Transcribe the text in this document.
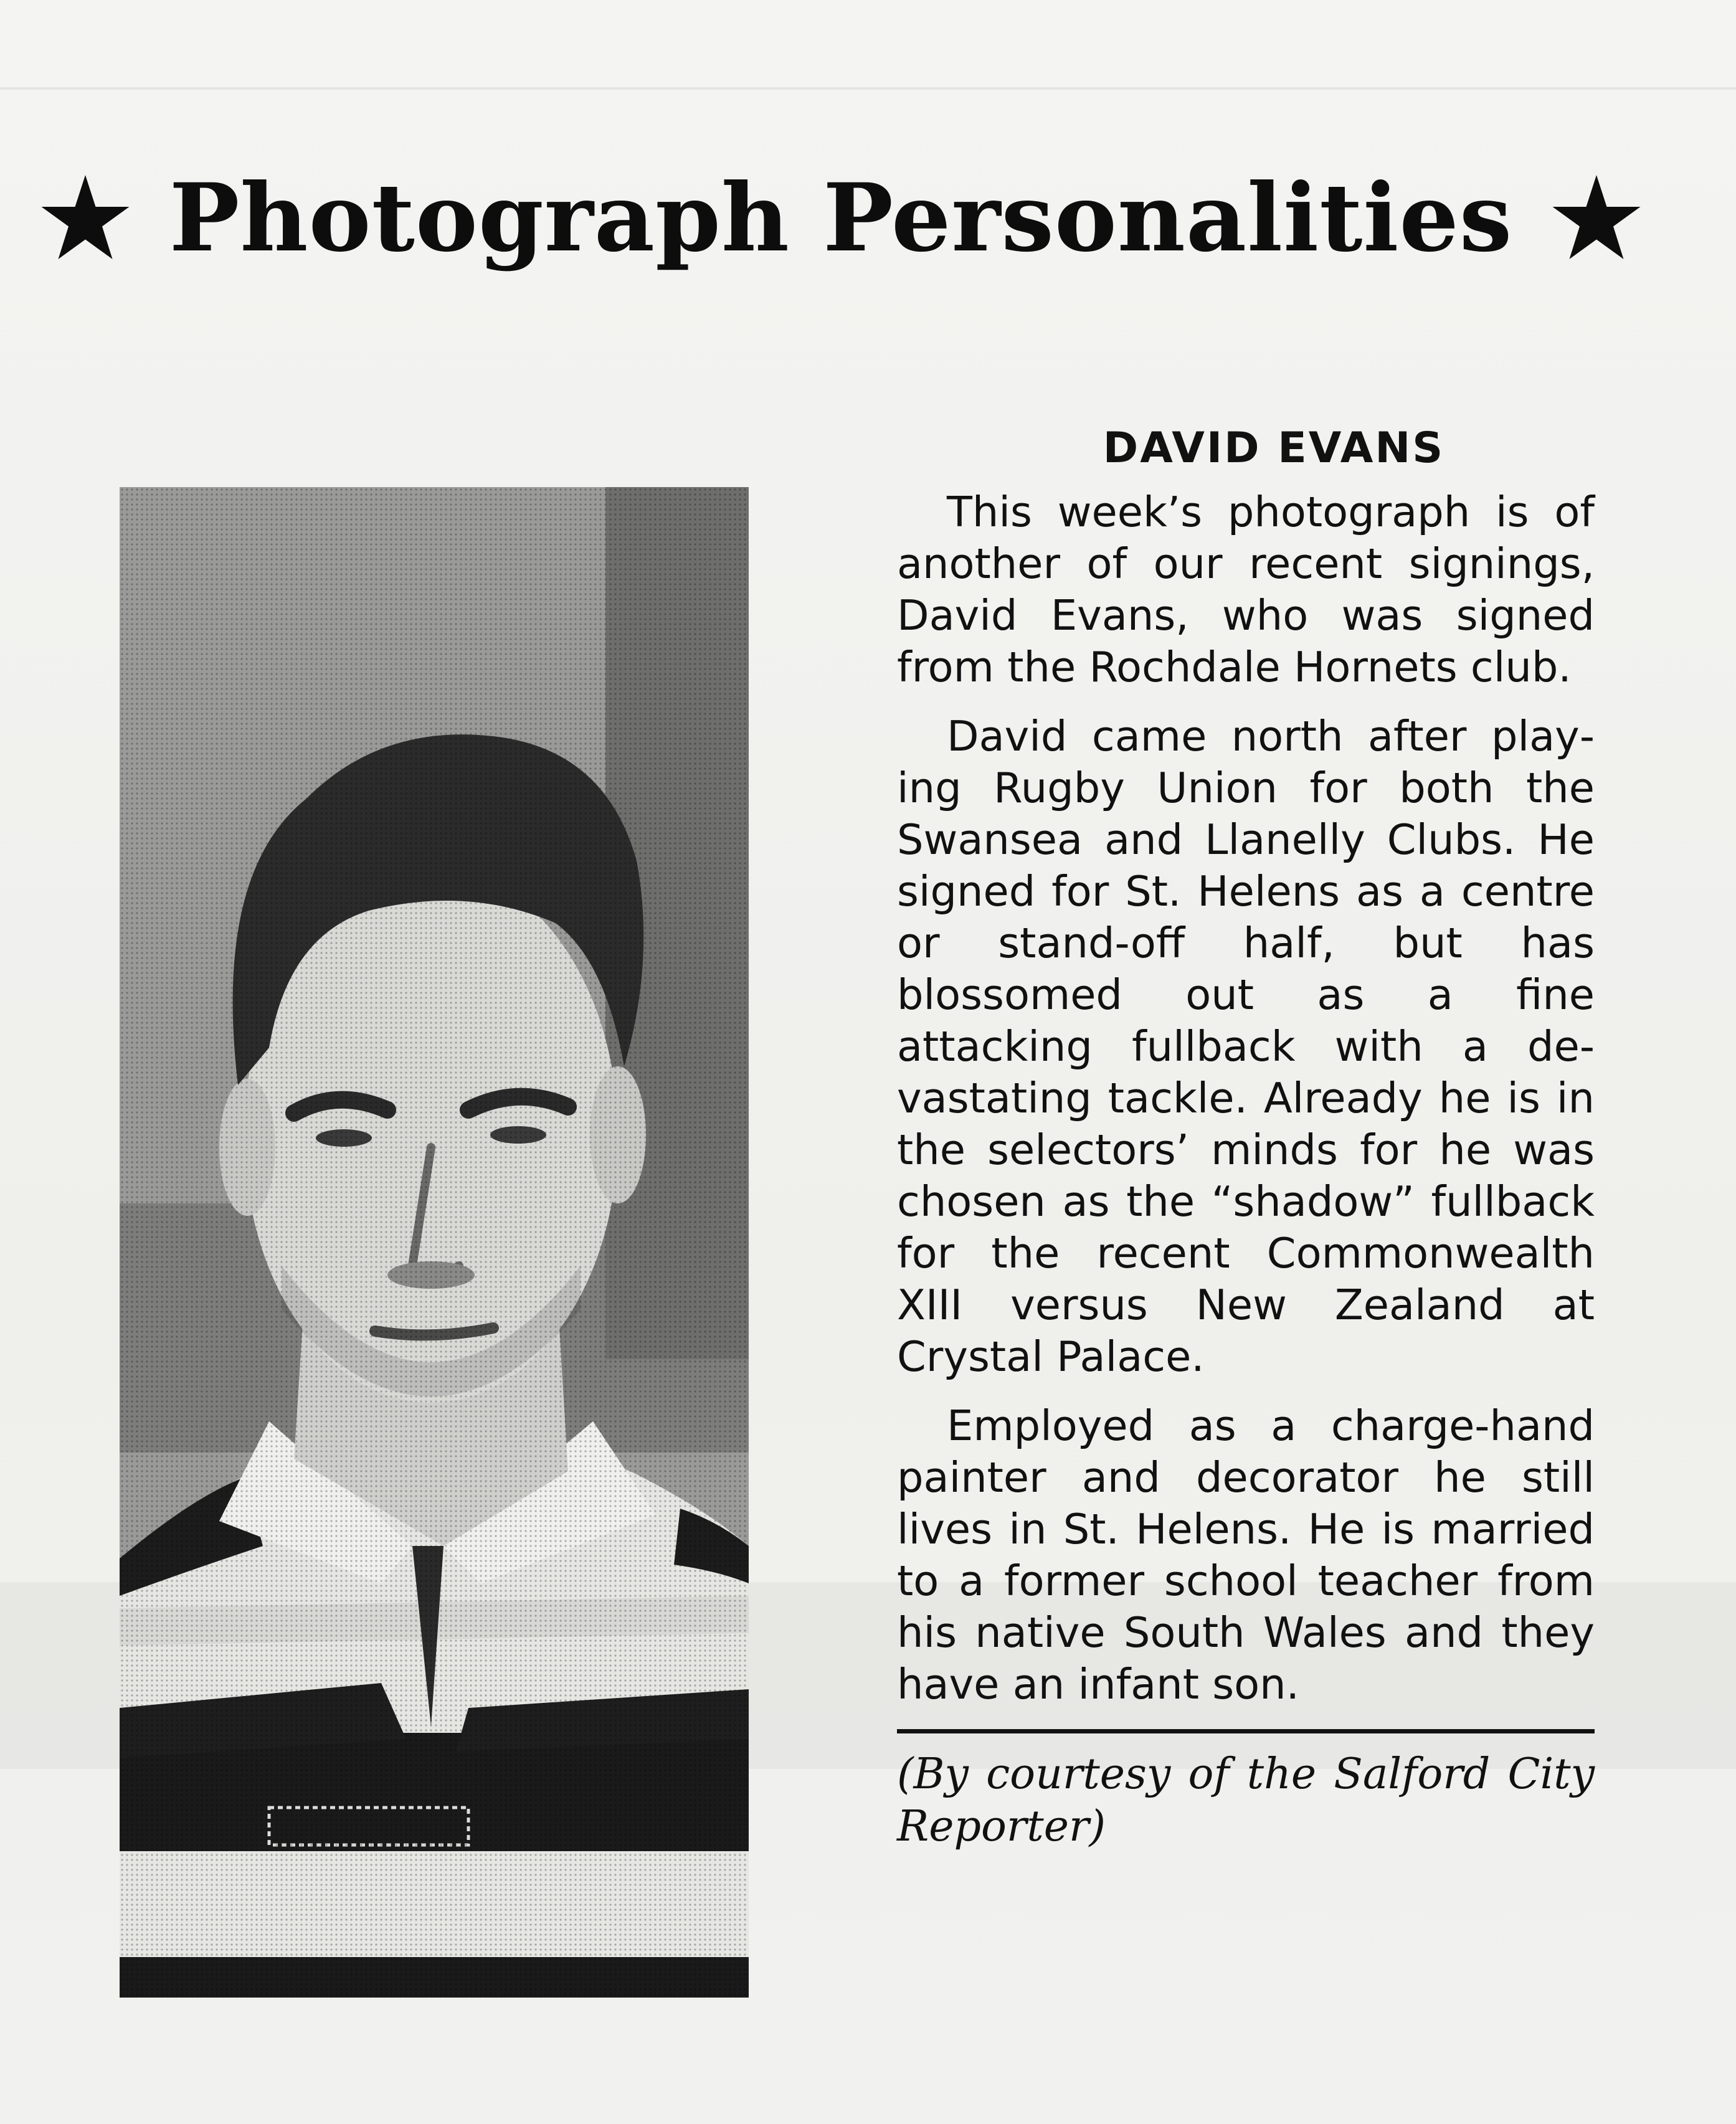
Photograph Personalities
DAVID EVANS

This week’s photograph is of another of our recent signings, David Evans, who was signed from the Rochdale Hornets club.

David came north after playing Rugby Union for both the Swansea and Llanelly Clubs. He signed for St. Helens as a centre or stand-off half, but has blossomed out as a fine attacking fullback with a devastating tackle. Already he is in the selectors’ minds for he was chosen as the “shadow” fullback for the recent Commonwealth XIII versus New Zealand at Crystal Palace.

Employed as a charge-hand painter and decorator he still lives in St. Helens. He is married to a former school teacher from his native South Wales and they have an infant son.

(By courtesy of the Salford City Reporter)
